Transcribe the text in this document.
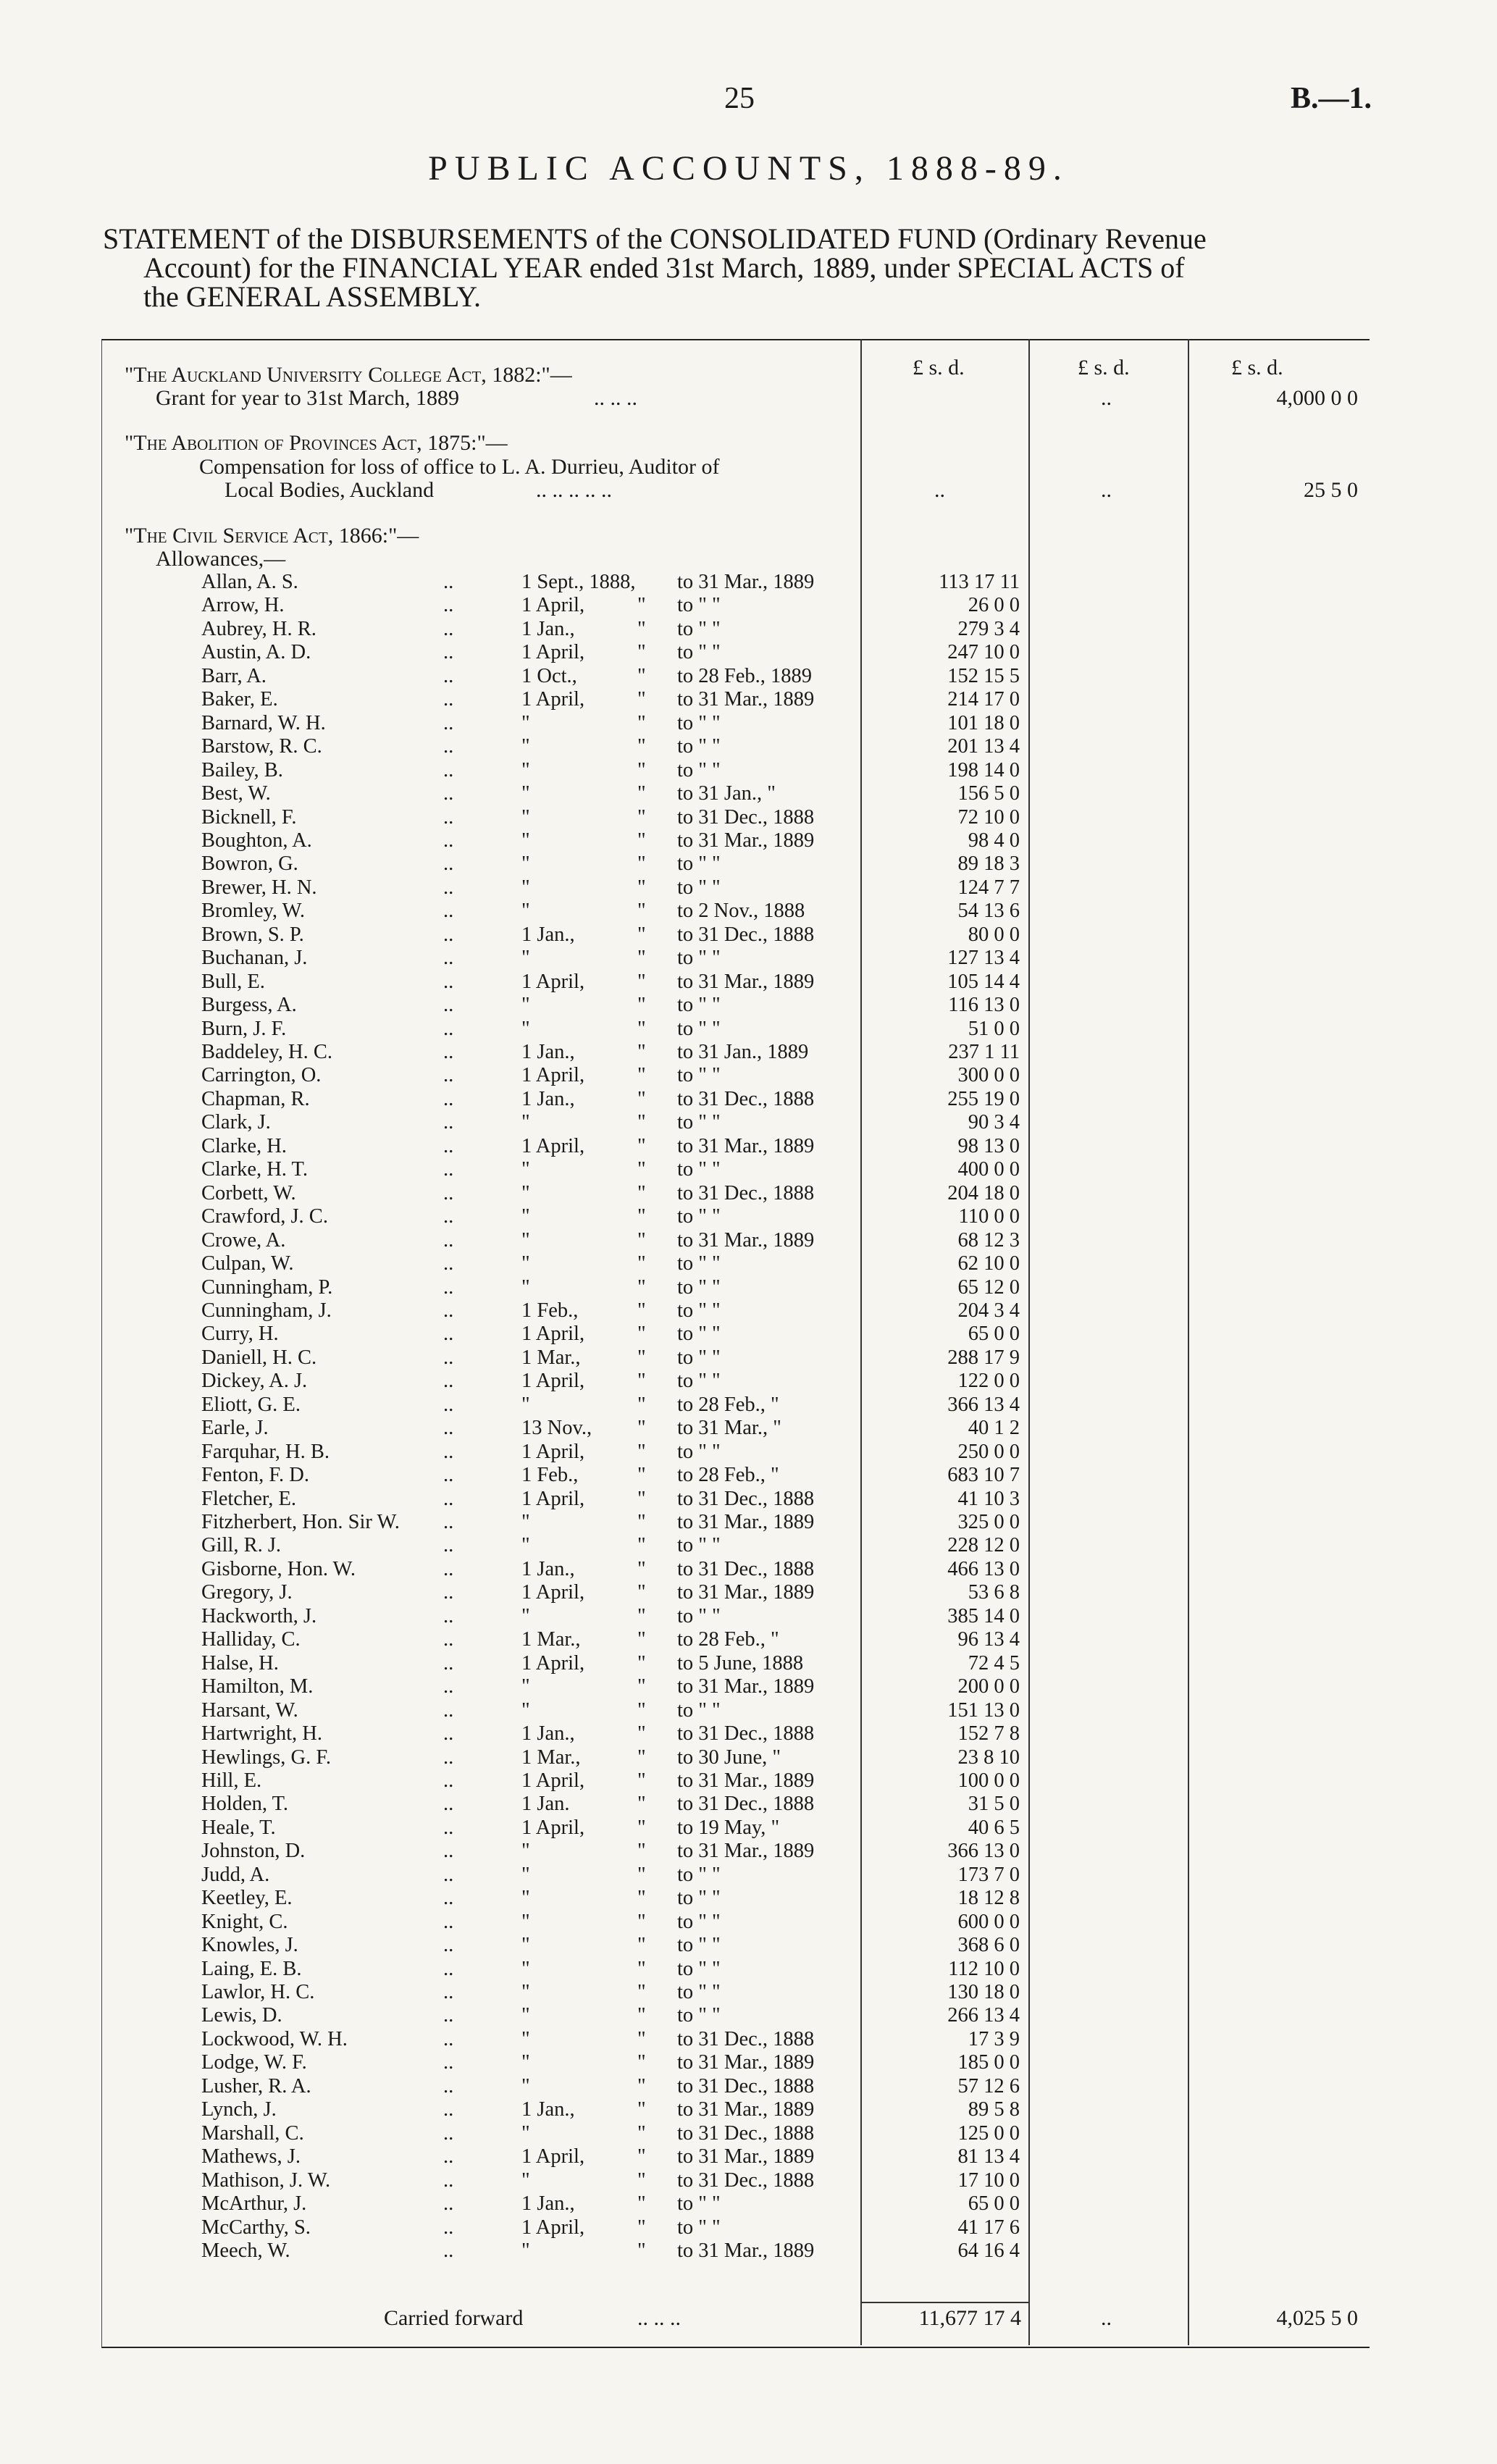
25	B.—1.
PUBLIC ACCOUNTS, 1888-89.

STATEMENT of the DISBURSEMENTS of the CONSOLIDATED FUND (Ordinary Revenue

Account) for the FINANCIAL YEAR ended 31st March, 1889, under SPECIAL ACTS of

the GENERAL ASSEMBLY.

£ s. d.	£ s. d.	£ s. d.
"The Auckland University College Act, 1882:"—
Grant for year to 31st March, 1889	.. .. ..	..	4,000 0 0
"The Abolition of Provinces Act, 1875:"—
Compensation for loss of office to L. A. Durrieu, Auditor of
Local Bodies, Auckland	.. .. .. .. ..	..	..	25 5 0
"The Civil Service Act, 1866:"—
Allowances,—
Allan, A. S.	..	1 Sept., 1888, to 31 Mar., 1889	113 17 11
Arrow, H.	..	1 April,	" to " "	26 0 0
Aubrey, H. R.	..	1 Jan.,	" to " "	279 3 4
Austin, A. D.	..	1 April,	" to " "	247 10 0
Barr, A.	..	1 Oct.,	" to 28 Feb., 1889	152 15 5
Baker, E.	..	1 April,	" to 31 Mar., 1889	214 17 0
Barnard, W. H.	..	"	" to " "	101 18 0
Barstow, R. C.	..	"	" to " "	201 13 4
Bailey, B.	..	"	" to " "	198 14 0
Best, W.	..	"	" to 31 Jan., "	156 5 0
Bicknell, F.	..	"	" to 31 Dec., 1888	72 10 0
Boughton, A.	..	"	" to 31 Mar., 1889	98 4 0
Bowron, G.	..	"	" to " "	89 18 3
Brewer, H. N.	..	"	" to " "	124 7 7
Bromley, W.	..	"	" to 2 Nov., 1888	54 13 6
Brown, S. P.	..	1 Jan.,	" to 31 Dec., 1888	80 0 0
Buchanan, J.	..	"	" to " "	127 13 4
Bull, E.	..	1 April,	" to 31 Mar., 1889	105 14 4
Burgess, A.	..	"	" to " "	116 13 0
Burn, J. F.	..	"	" to " "	51 0 0
Baddeley, H. C.	..	1 Jan.,	" to 31 Jan., 1889	237 1 11
Carrington, O.	..	1 April,	" to " "	300 0 0
Chapman, R.	..	1 Jan.,	" to 31 Dec., 1888	255 19 0
Clark, J.	..	"	" to " "	90 3 4
Clarke, H.	..	1 April,	" to 31 Mar., 1889	98 13 0
Clarke, H. T.	..	"	" to " "	400 0 0
Corbett, W.	..	"	" to 31 Dec., 1888	204 18 0
Crawford, J. C.	..	"	" to " "	110 0 0
Crowe, A.	..	"	" to 31 Mar., 1889	68 12 3
Culpan, W.	..	"	" to " "	62 10 0
Cunningham, P.	..	"	" to " "	65 12 0
Cunningham, J.	..	1 Feb.,	" to " "	204 3 4
Curry, H.	..	1 April,	" to " "	65 0 0
Daniell, H. C.	..	1 Mar.,	" to " "	288 17 9
Dickey, A. J.	..	1 April,	" to " "	122 0 0
Eliott, G. E.	..	"	" to 28 Feb., "	366 13 4
Earle, J.	..	13 Nov., " to 31 Mar., "	40 1 2
Farquhar, H. B.	..	1 April,	" to " "	250 0 0
Fenton, F. D.	..	1 Feb.,	" to 28 Feb., "	683 10 7
Fletcher, E.	..	1 April,	" to 31 Dec., 1888	41 10 3
Fitzherbert, Hon. Sir W. ..	"	" to 31 Mar., 1889	325 0 0
Gill, R. J.	..	"	" to " "	228 12 0
Gisborne, Hon. W.	..	1 Jan.,	" to 31 Dec., 1888	466 13 0
Gregory, J.	..	1 April,	" to 31 Mar., 1889	53 6 8
Hackworth, J.	..	"	" to " "	385 14 0
Halliday, C.	..	1 Mar.,	" to 28 Feb., "	96 13 4
Halse, H.	..	1 April,	" to 5 June, 1888	72 4 5
Hamilton, M.	..	"	" to 31 Mar., 1889	200 0 0
Harsant, W.	..	"	" to " "	151 13 0
Hartwright, H.	..	1 Jan.,	" to 31 Dec., 1888	152 7 8
Hewlings, G. F.	..	1 Mar.,	" to 30 June, "	23 8 10
Hill, E.	..	1 April,	" to 31 Mar., 1889	100 0 0
Holden, T.	..	1 Jan.	" to 31 Dec., 1888	31 5 0
Heale, T.	..	1 April,	" to 19 May, "	40 6 5
Johnston, D.	..	"	" to 31 Mar., 1889	366 13 0
Judd, A.	..	"	" to " "	173 7 0
Keetley, E.	..	"	" to " "	18 12 8
Knight, C.	..	"	" to " "	600 0 0
Knowles, J.	..	"	" to " "	368 6 0
Laing, E. B.	..	"	" to " "	112 10 0
Lawlor, H. C.	..	"	" to " "	130 18 0
Lewis, D.	..	"	" to " "	266 13 4
Lockwood, W. H.	..	"	" to 31 Dec., 1888	17 3 9
Lodge, W. F.	..	"	" to 31 Mar., 1889	185 0 0
Lusher, R. A.	..	"	" to 31 Dec., 1888	57 12 6
Lynch, J.	..	1 Jan.,	" to 31 Mar., 1889	89 5 8
Marshall, C.	..	"	" to 31 Dec., 1888	125 0 0
Mathews, J.	..	1 April,	" to 31 Mar., 1889	81 13 4
Mathison, J. W.	..	"	" to 31 Dec., 1888	17 10 0
McArthur, J.	..	1 Jan.,	" to " "	65 0 0
McCarthy, S.	..	1 April,	" to " "	41 17 6
Meech, W.	..	"	" to 31 Mar., 1889	64 16 4
Carried forward	.. .. ..	11,677 17 4	..	4,025 5 0
